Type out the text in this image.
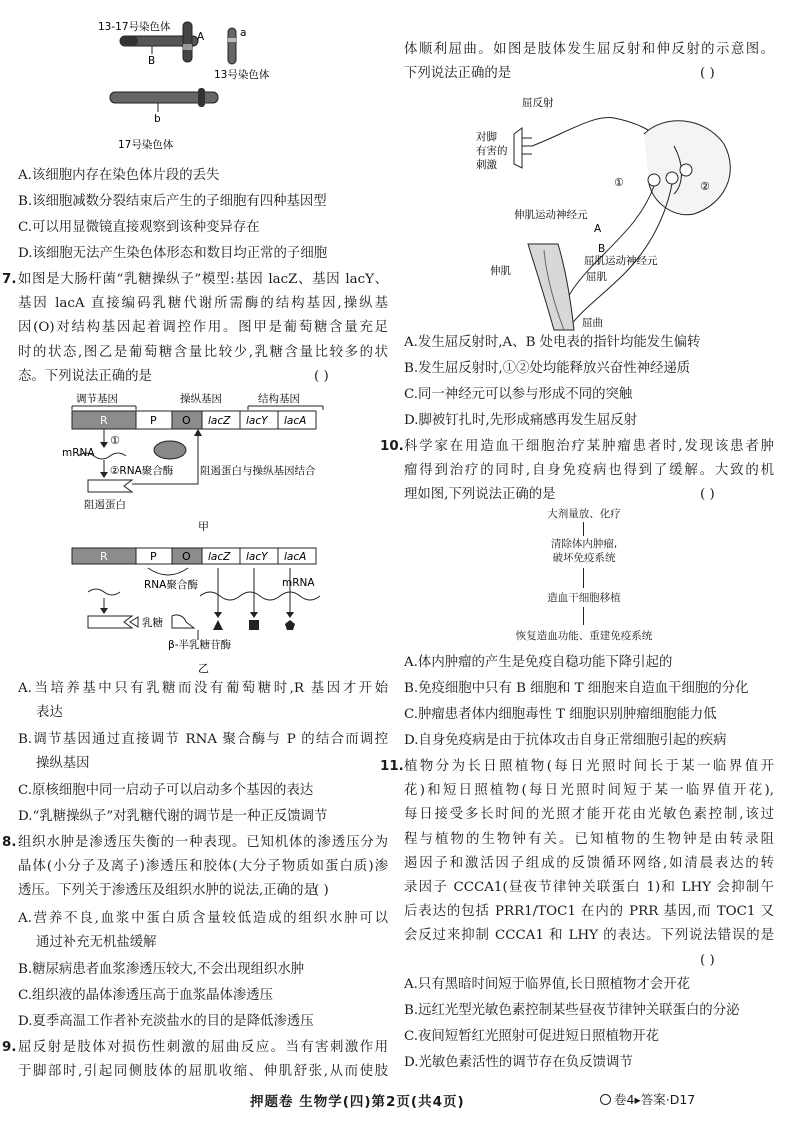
13-17号染色体
A
B
a
13号染色体
b
17号染色体
A.该细胞内存在染色体片段的丢失
B.该细胞减数分裂结束后产生的子细胞有四种基因型
C.可以用显微镜直接观察到该种变异存在
D.该细胞无法产生染色体形态和数目均正常的子细胞
7. 如图是大肠杆菌“乳糖操纵子”模型:基因 lacZ、基因 lacY、
基因 lacA 直接编码乳糖代谢所需酶的结构基因,操纵基
因(O)对结构基因起着调控作用。图甲是葡萄糖含量充足
时的状态,图乙是葡萄糖含量比较少,乳糖含量比较多的状
态。下列说法正确的是	( )
调节基因	操纵基因	结构基因
R	P O lacZ lacY lacA
①
mRNA
②RNA聚合酶	阻遏蛋白与操纵基因结合
阻遏蛋白
甲
R	P O lacZ lacY lacA
RNA聚合酶	mRNA
乳糖
β-半乳糖苷酶
乙
A.当培养基中只有乳糖而没有葡萄糖时,R 基因才开始
表达
B.调节基因通过直接调节 RNA 聚合酶与 P 的结合而调控
操纵基因
C.原核细胞中同一启动子可以启动多个基因的表达
D.“乳糖操纵子”对乳糖代谢的调节是一种正反馈调节
8. 组织水肿是渗透压失衡的一种表现。已知机体的渗透压分为
晶体(小分子及离子)渗透压和胶体(大分子物质如蛋白质)渗
透压。下列关于渗透压及组织水肿的说法,正确的是
( )
A.营养不良,血浆中蛋白质含量较低造成的组织水肿可以
通过补充无机盐缓解
B.糖尿病患者血浆渗透压较大,不会出现组织水肿
C.组织液的晶体渗透压高于血浆晶体渗透压
D.夏季高温工作者补充淡盐水的目的是降低渗透压
9. 屈反射是肢体对损伤性刺激的屈曲反应。当有害刺激作用
于脚部时,引起同侧肢体的屈肌收缩、伸肌舒张,从而使肢
体顺利屈曲。如图是肢体发生屈反射和伸反射的示意图。
下列说法正确的是	( )
屈反射
对脚
有害的
刺激
①	②
伸肌运动神经元
A
B
屈肌运动神经元
伸肌	屈肌
屈曲
A.发生屈反射时,A、B 处电表的指针均能发生偏转
B.发生屈反射时,①②处均能释放兴奋性神经递质
C.同一神经元可以参与形成不同的突触
D.脚被钉扎时,先形成痛感再发生屈反射
10. 科学家在用造血干细胞治疗某肿瘤患者时,发现该患者肿
瘤得到治疗的同时,自身免疫病也得到了缓解。大致的机
理如图,下列说法正确的是	( )
大剂量放、化疗
清除体内肿瘤,
破坏免疫系统
造血干细胞移植
恢复造血功能、重建免疫系统
A.体内肿瘤的产生是免疫自稳功能下降引起的
B.免疫细胞中只有 B 细胞和 T 细胞来自造血干细胞的分化
C.肿瘤患者体内细胞毒性 T 细胞识别肿瘤细胞能力低
D.自身免疫病是由于抗体攻击自身正常细胞引起的疾病
11. 植物分为长日照植物(每日光照时间长于某一临界值开
花)和短日照植物(每日光照时间短于某一临界值开花),
每日接受多长时间的光照才能开花由光敏色素控制,该过
程与植物的生物钟有关。已知植物的生物钟是由转录阻
遏因子和激活因子组成的反馈循环网络,如清晨表达的转
录因子 CCCA1(昼夜节律钟关联蛋白 1)和 LHY 会抑制午
后表达的包括 PRR1/TOC1 在内的 PRR 基因,而 TOC1 又
会反过来抑制 CCCA1 和 LHY 的表达。下列说法错误的是
( )
A.只有黑暗时间短于临界值,长日照植物才会开花
B.远红光型光敏色素控制某些昼夜节律钟关联蛋白的分泌
C.夜间短暂红光照射可促进短日照植物开花
D.光敏色素活性的调节存在负反馈调节
押题卷 生物学(四)第2页(共4页)	卷4▸答案·D17
